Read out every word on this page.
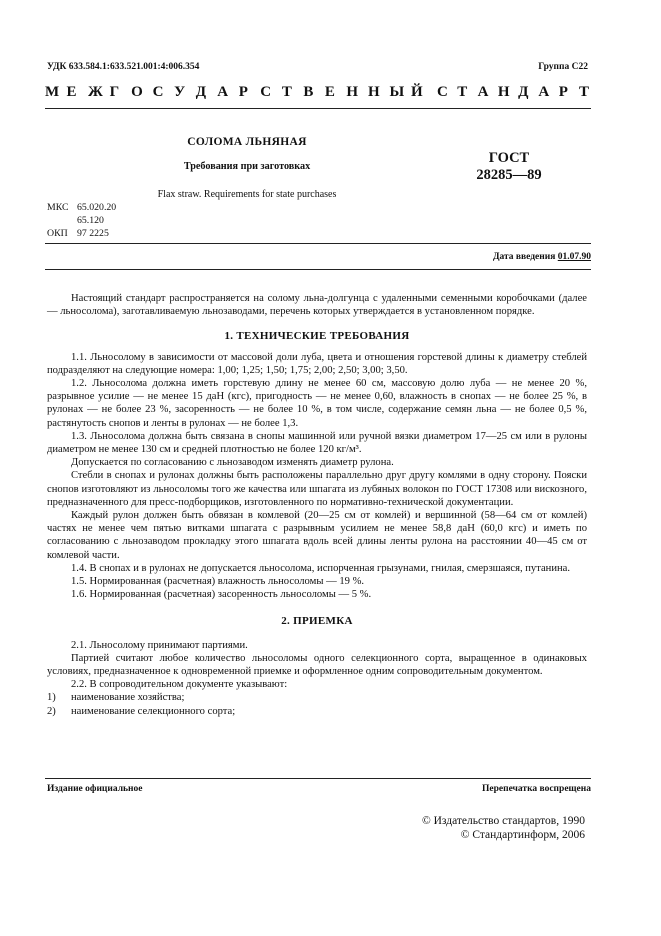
УДК 633.584.1:633.521.001:4:006.354	Группа С22
М Е Ж Г О С У Д А Р С Т В Е Н Н Ы Й С Т А Н Д А Р Т
СОЛОМА ЛЬНЯНАЯ
Требования при заготовках
Flax straw. Requirements for state purchases
ГОСТ
28285—89
МКС 65.020.20
65.120
ОКП 97 2225
Дата введения 01.07.90

Настоящий стандарт распространяется на солому льна-долгунца с удаленными семенными коробочками (далее — льносолома), заготавливаемую льнозаводами, перечень которых утверждается в установленном порядке.

1. ТЕХНИЧЕСКИЕ ТРЕБОВАНИЯ

1.1. Льносолому в зависимости от массовой доли луба, цвета и отношения горстевой длины к диаметру стеблей подразделяют на следующие номера: 1,00; 1,25; 1,50; 1,75; 2,00; 2,50; 3,00; 3,50.

1.2. Льносолома должна иметь горстевую длину не менее 60 см, массовую долю луба — не менее 20 %, разрывное усилие — не менее 15 даН (кгс), пригодность — не менее 0,60, влажность в снопах — не более 25 %, в рулонах — не более 23 %, засоренность — не более 10 %, в том числе, содержание семян льна — не более 0,5 %, растянутость снопов и ленты в рулонах — не более 1,3.

1.3. Льносолома должна быть связана в снопы машинной или ручной вязки диаметром 17—25 см или в рулоны диаметром не менее 130 см и средней плотностью не более 120 кг/м³.

Допускается по согласованию с льнозаводом изменять диаметр рулона.

Стебли в снопах и рулонах должны быть расположены параллельно друг другу комлями в одну сторону. Пояски снопов изготовляют из льносоломы того же качества или шпагата из лубяных волокон по ГОСТ 17308 или вискозного, предназначенного для пресс-подборщиков, изготовленного по нормативно-технической документации.

Каждый рулон должен быть обвязан в комлевой (20—25 см от комлей) и вершинной (58—64 см от комлей) частях не менее чем пятью витками шпагата с разрывным усилием не менее 58,8 даН (60,0 кгс) и иметь по согласованию с льнозаводом прокладку этого шпагата вдоль всей длины ленты рулона на расстоянии 40—45 см от комлевой части.

1.4. В снопах и в рулонах не допускается льносолома, испорченная грызунами, гнилая, смерзшаяся, путанина.

1.5. Нормированная (расчетная) влажность льносоломы — 19 %.

1.6. Нормированная (расчетная) засоренность льносоломы — 5 %.

2. ПРИЕМКА

2.1. Льносолому принимают партиями.

Партией считают любое количество льносоломы одного селекционного сорта, выращенное в одинаковых условиях, предназначенное к одновременной приемке и оформленное одним сопроводительным документом.

2.2. В сопроводительном документе указывают:

1) наименование хозяйства;

2) наименование селекционного сорта;

Издание официальное	Перепечатка воспрещена
© Издательство стандартов, 1990
© Стандартинформ, 2006
